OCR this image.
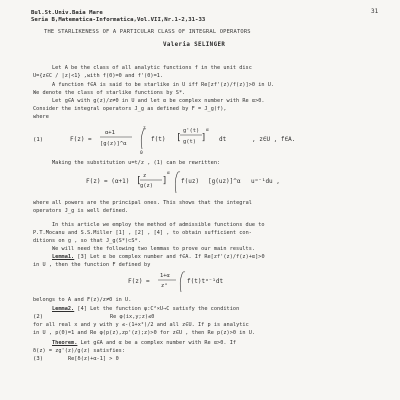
31
Bul.St.Univ.Baia Mare
Seria B,Matematica-Informatica,Vol.VII,Nr.1-2,31-33
THE STARLIKENESS OF A PARTICULAR CLASS OF INTEGRAL OPERATORS
Valeria SELINGER
Let A be the class of all analytic functions f in the unit disc
U={z∈C / |z|<1} ,with f(0)=0 and f'(0)=1.
A function f∈A is said to be starlike in U iff Re[zf'(z)/f(z)]>0 in U.
We denote the class of starlike functions by S*.
Let g∈A with g(z)/z≠0 in U and let α be complex number with Re α>0.
Consider the integral operators J_g as defined by F = J_g(f),
where
(1)	F(z) =
α+1
[g(z)]^α
z
0
f(t)
g'(t)
[ g(t) ]
α
dt	, z∈U , f∈A.
Making the substitution u=t/z , (1) can be rewritten:
F(z) = (α+1) [ z
g(z) ]
α
f(uz) [g(uz)]^α uᵅ⁻¹du ,
where all powers are the principal ones. This shows that the integral
operators J_g is well defined.
In this article we employ the method of admissible functions due to
P.T.Mocanu and S.S.Miller [1] , [2] , [4] , to obtain sufficient con-
ditions on g , so that J_g(S*)⊂S*.
We will need the following two lemmas to prove our main results.
Lemma1. [3] Let α be complex number and f∈A. If Re[zf'(z)/f(z)+α]>0
in U , then the function F defined by
F(z) =
1+α
zᵅ
f(t)tᵅ⁻¹dt
belongs to A and F(z)/z≠0 in U.
Lemma2. [4] Let the function φ:C²×U→C satisfy the condition
(2)	Re φ(ix,y;z)≤0
for all real x and y with y ≤-(1+x²)/2 and all z∈U. If p is analytic
in U , p(0)=1 and Re φ(p(z),zp'(z);z)>0 for z∈U , then Re p(z)>0 in U.
Theorem. Let g∈A and α be a complex number with Re α>0. If
δ(z) = zg'(z)/g(z) satisfies:
(3)	Re[δ(z)+α-1] > 0
